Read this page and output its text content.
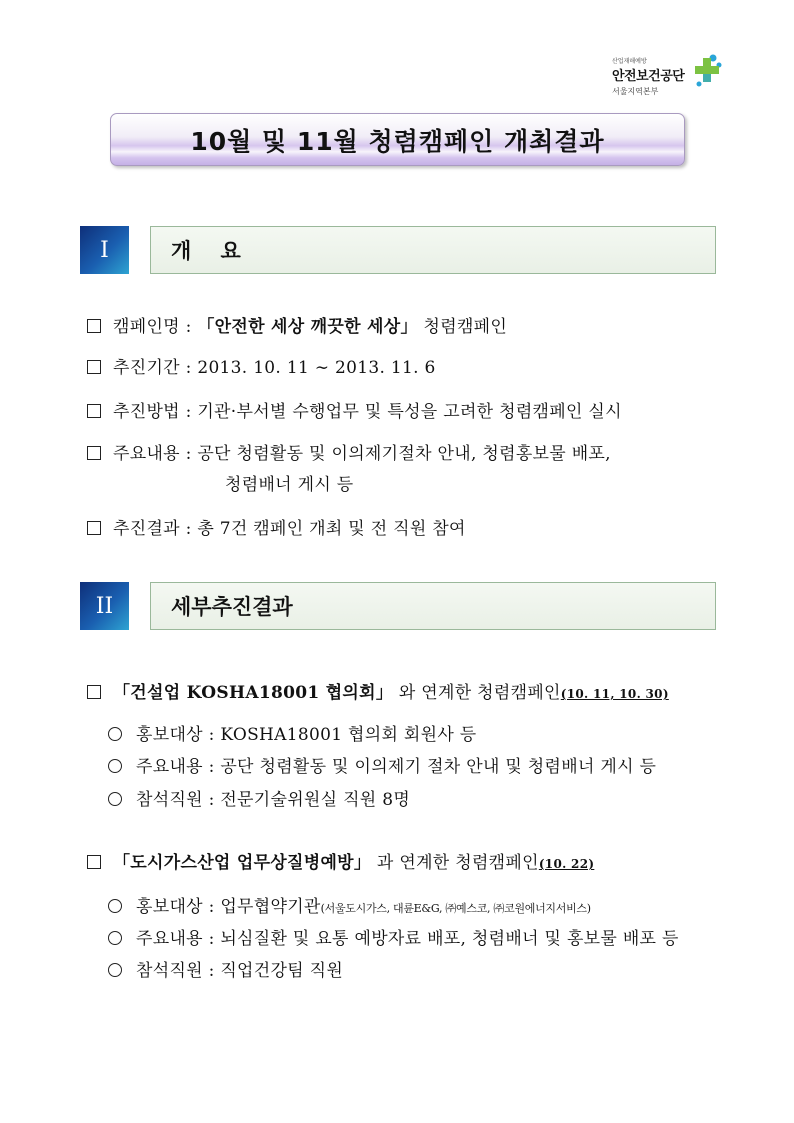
산업재해예방
안전보건공단
서울지역본부
10월 및 11월 청렴캠페인 개최결과
I	개    요
캠페인명 : 「안전한 세상 깨끗한 세상」 청렴캠페인
추진기간 : 2013. 10. 11 ∼ 2013. 11. 6
추진방법 : 기관·부서별 수행업무 및 특성을 고려한 청렴캠페인 실시
주요내용 : 공단 청렴활동 및 이의제기절차 안내, 청렴홍보물 배포,
청렴배너 게시 등
추진결과 : 총 7건 캠페인 개최 및 전 직원 참여
II	세부추진결과
「건설업 KOSHA18001 협의회」 와 연계한 청렴캠페인(10. 11, 10. 30)
홍보대상 : KOSHA18001 협의회 회원사 등
주요내용 : 공단 청렴활동 및 이의제기 절차 안내 및 청렴배너 게시 등
참석직원 : 전문기술위원실 직원 8명
「도시가스산업 업무상질병예방」 과 연계한 청렴캠페인(10. 22)
홍보대상 : 업무협약기관(서울도시가스, 대륜E&G, ㈜예스코, ㈜코원에너지서비스)
주요내용 : 뇌심질환 및 요통 예방자료 배포, 청렴배너 및 홍보물 배포 등
참석직원 : 직업건강팀 직원
